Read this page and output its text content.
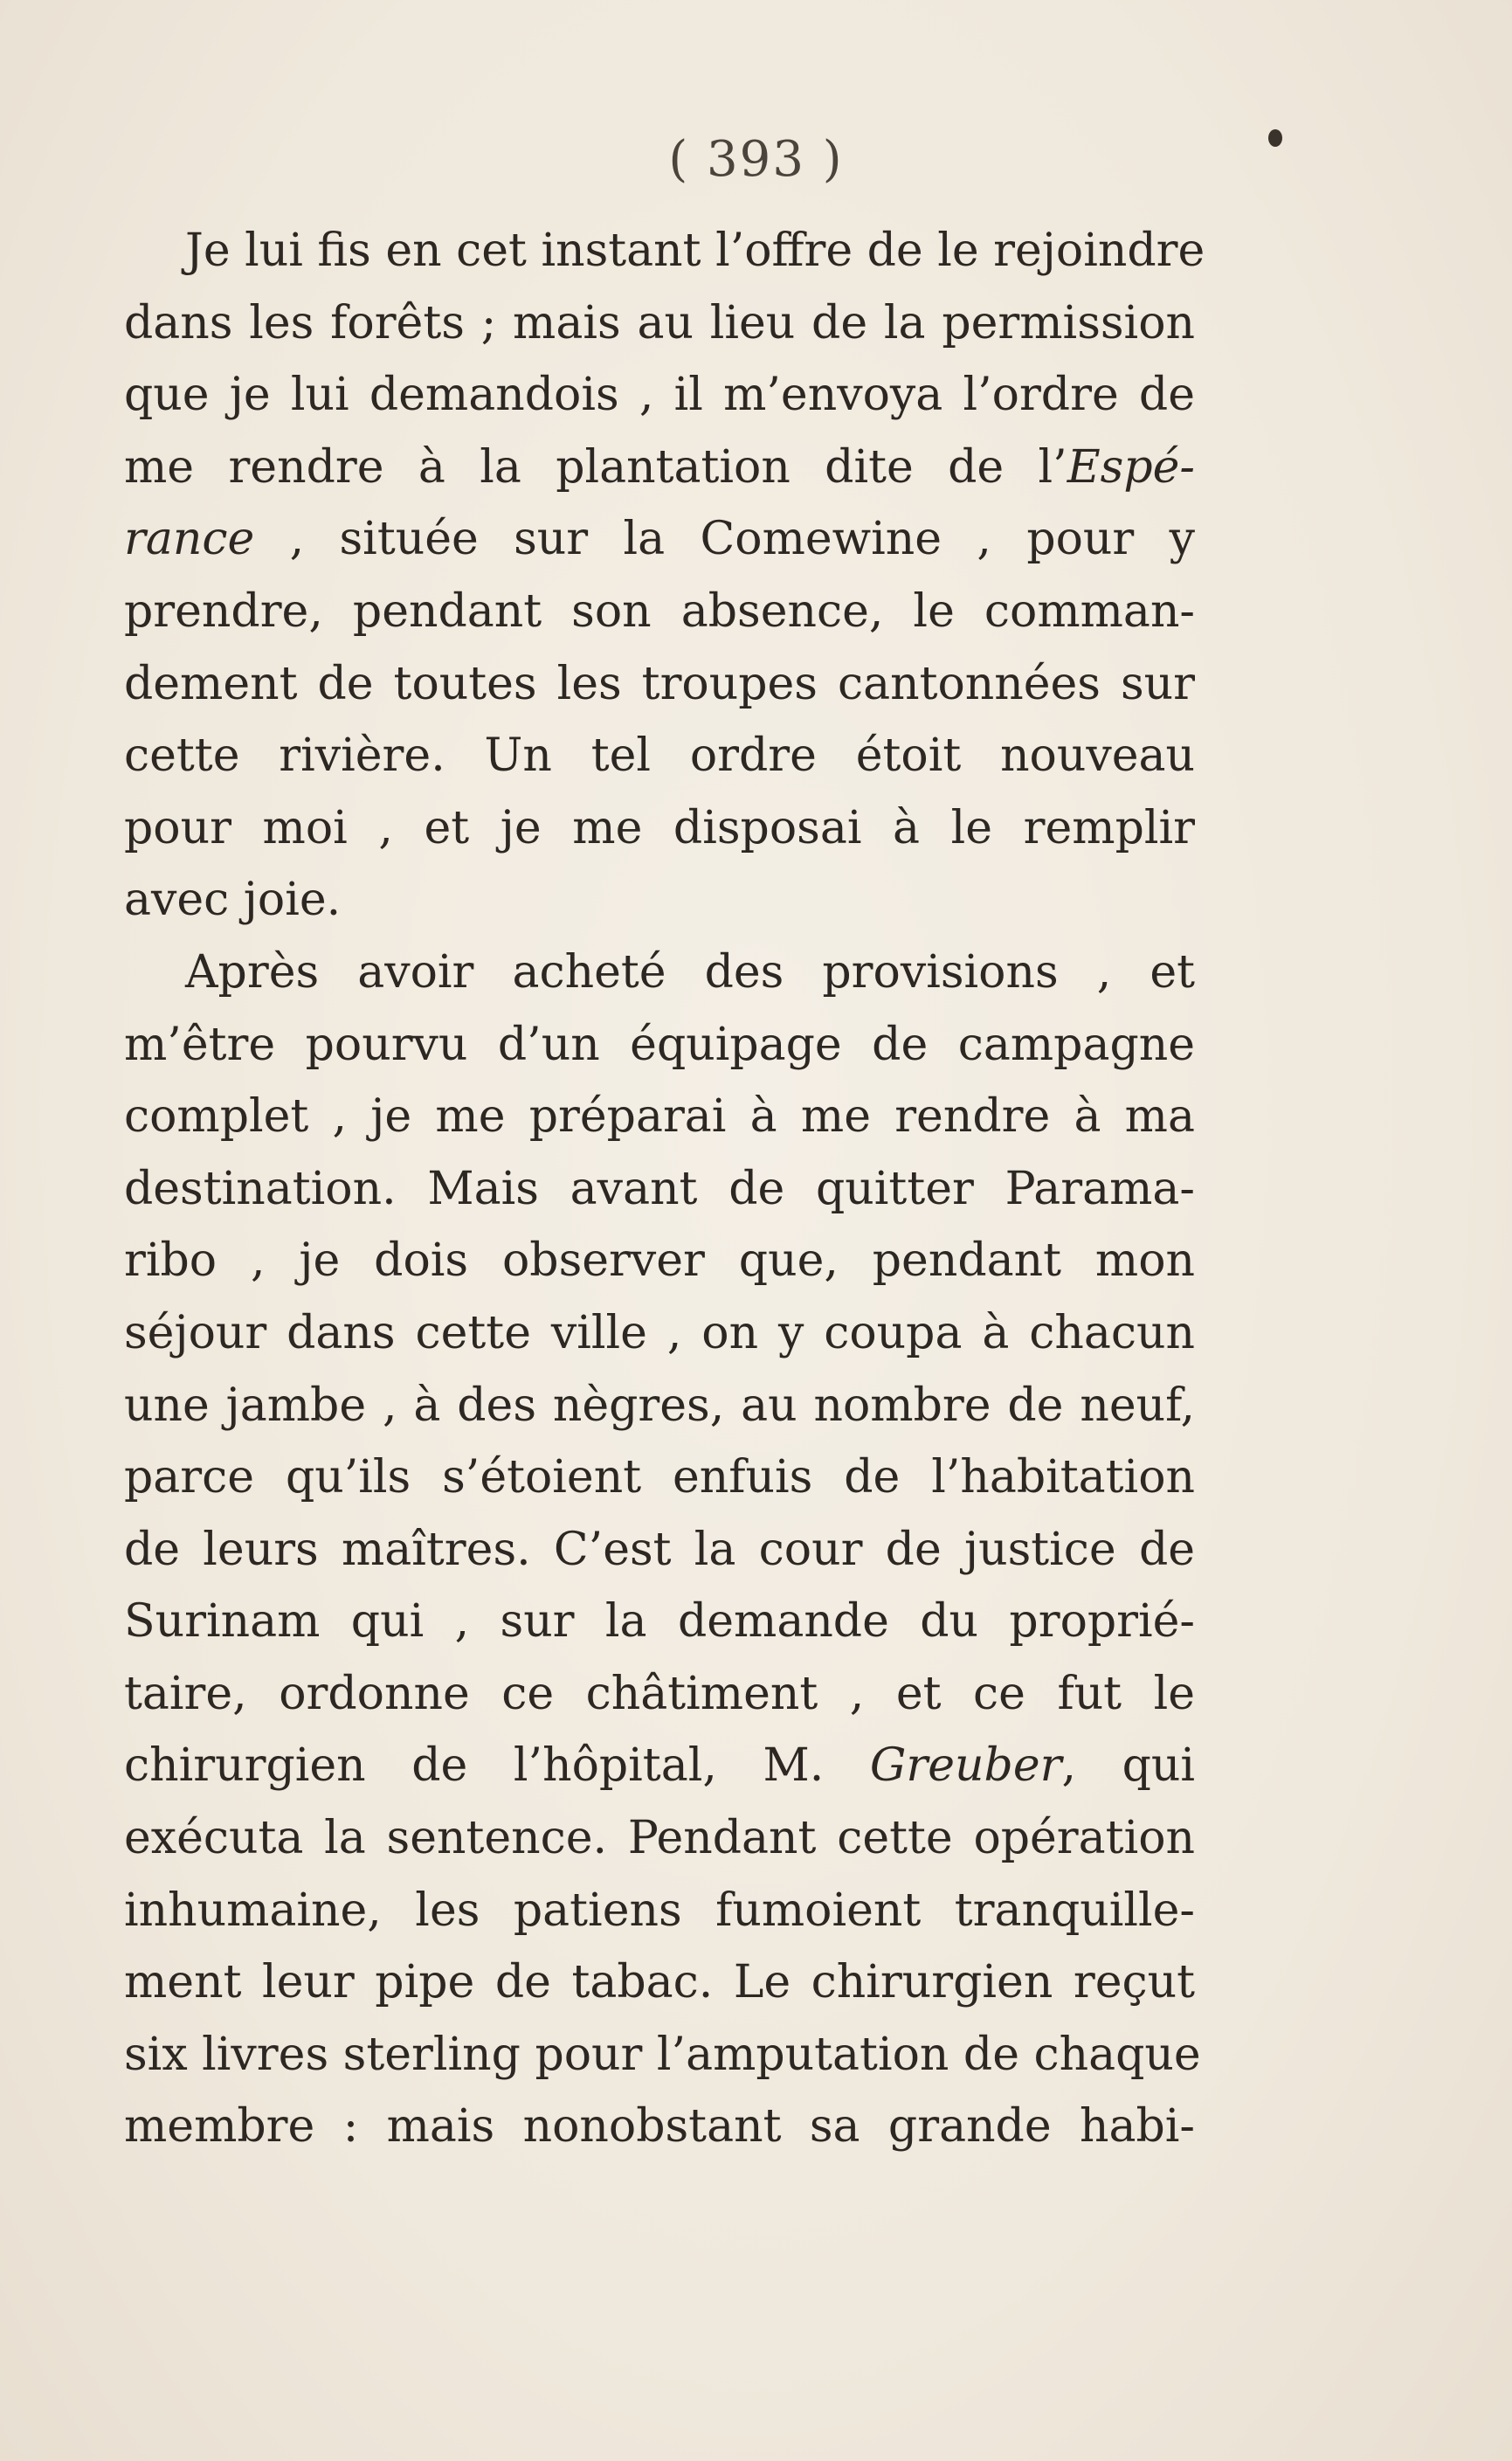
( 393 )
Je lui fis en cet instant l’offre de le rejoindre
dans les forêts ; mais au lieu de la permission
que je lui demandois , il m’envoya l’ordre de
me rendre à la plantation dite de l’Espé-
rance , située sur la Comewine , pour y
prendre, pendant son absence, le comman-
dement de toutes les troupes cantonnées sur
cette rivière. Un tel ordre étoit nouveau
pour moi , et je me disposai à le remplir
avec joie.
Après avoir acheté des provisions , et
m’être pourvu d’un équipage de campagne
complet , je me préparai à me rendre à ma
destination. Mais avant de quitter Parama-
ribo , je dois observer que, pendant mon
séjour dans cette ville , on y coupa à chacun
une jambe , à des nègres, au nombre de neuf,
parce qu’ils s’étoient enfuis de l’habitation
de leurs maîtres. C’est la cour de justice de
Surinam qui , sur la demande du proprié-
taire, ordonne ce châtiment , et ce fut le
chirurgien de l’hôpital, M. Greuber, qui
exécuta la sentence. Pendant cette opération
inhumaine, les patiens fumoient tranquille-
ment leur pipe de tabac. Le chirurgien reçut
six livres sterling pour l’amputation de chaque
membre : mais nonobstant sa grande habi-
